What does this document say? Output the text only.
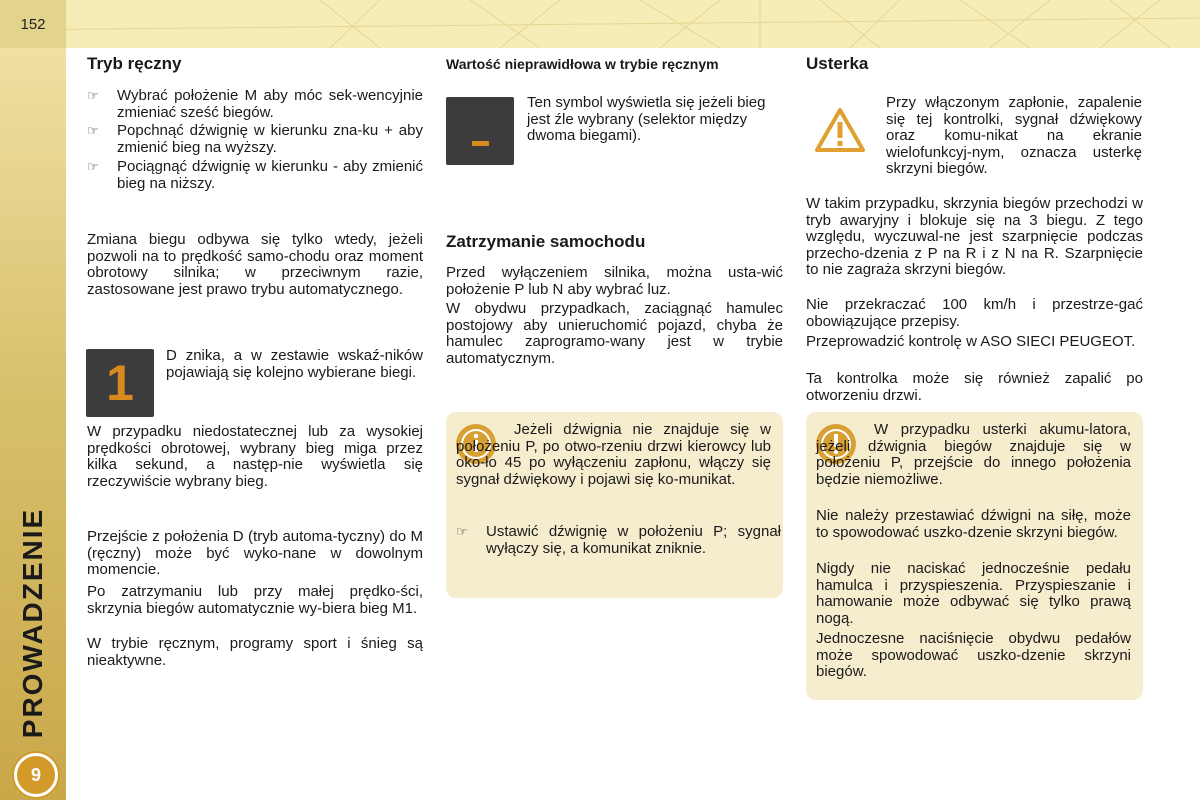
152
PROWADZENIE
9
Tryb ręczny
☞ Wybrać położenie M aby móc sek-wencyjnie zmieniać sześć biegów.
☞ Popchnąć dźwignię w kierunku zna-ku + aby zmienić bieg na wyższy.
☞ Pociągnąć dźwignię w kierunku - aby zmienić bieg na niższy.
Zmiana biegu odbywa się tylko wtedy, jeżeli pozwoli na to prędkość samo-chodu oraz moment obrotowy silnika; w przeciwnym razie, zastosowane jest prawo trybu automatycznego.
1	D znika, a w zestawie wskaź-ników pojawiają się kolejno wybierane biegi.
W przypadku niedostatecznej lub za wysokiej prędkości obrotowej, wybrany bieg miga przez kilka sekund, a następ-nie wyświetla się rzeczywiście wybrany bieg.
Przejście z położenia D (tryb automa-tyczny) do M (ręczny) może być wyko-nane w dowolnym momencie.
Po zatrzymaniu lub przy małej prędko-ści, skrzynia biegów automatycznie wy-biera bieg M1.
W trybie ręcznym, programy sport i śnieg są nieaktywne.
Wartość nieprawidłowa w trybie ręcznym
Ten symbol wyświetla się jeżeli bieg jest źle wybrany (selektor między dwoma biegami).
Zatrzymanie samochodu
Przed wyłączeniem silnika, można usta-wić położenie P lub N aby wybrać luz.
W obydwu przypadkach, zaciągnąć hamulec postojowy aby unieruchomić pojazd, chyba że hamulec zaprogramo-wany jest w trybie automatycznym.
Jeżeli dźwignia nie znajduje się w położeniu P, po otwo-rzeniu drzwi kierowcy lub oko-ło 45 po wyłączeniu zapłonu, włączy się sygnał dźwiękowy i pojawi się ko-munikat.
☞ Ustawić dźwignię w położeniu P; sygnał wyłączy się, a komunikat zniknie.
Usterka
Przy włączonym zapłonie, zapalenie się tej kontrolki, sygnał dźwiękowy oraz komu-nikat na ekranie wielofunkcyj-nym, oznacza usterkę skrzyni biegów.
W takim przypadku, skrzynia biegów przechodzi w tryb awaryjny i blokuje się na 3 biegu. Z tego względu, wyczuwal-ne jest szarpnięcie podczas przecho-dzenia z P na R i z N na R. Szarpnięcie to nie zagraża skrzyni biegów.
Nie przekraczać 100 km/h i przestrze-gać obowiązujące przepisy.
Przeprowadzić kontrolę w ASO SIECI PEUGEOT.
Ta kontrolka może się również zapalić po otworzeniu drzwi.
W przypadku usterki akumu-latora, jeżeli dźwignia biegów znajduje się w położeniu P, przejście do innego położenia będzie niemożliwe.
Nie należy przestawiać dźwigni na siłę, może to spowodować uszko-dzenie skrzyni biegów.
Nigdy nie naciskać jednocześnie pedału hamulca i przyspieszenia. Przyspieszanie i hamowanie może odbywać się tylko prawą nogą.
Jednoczesne naciśnięcie obydwu pedałów może spowodować uszko-dzenie skrzyni biegów.
